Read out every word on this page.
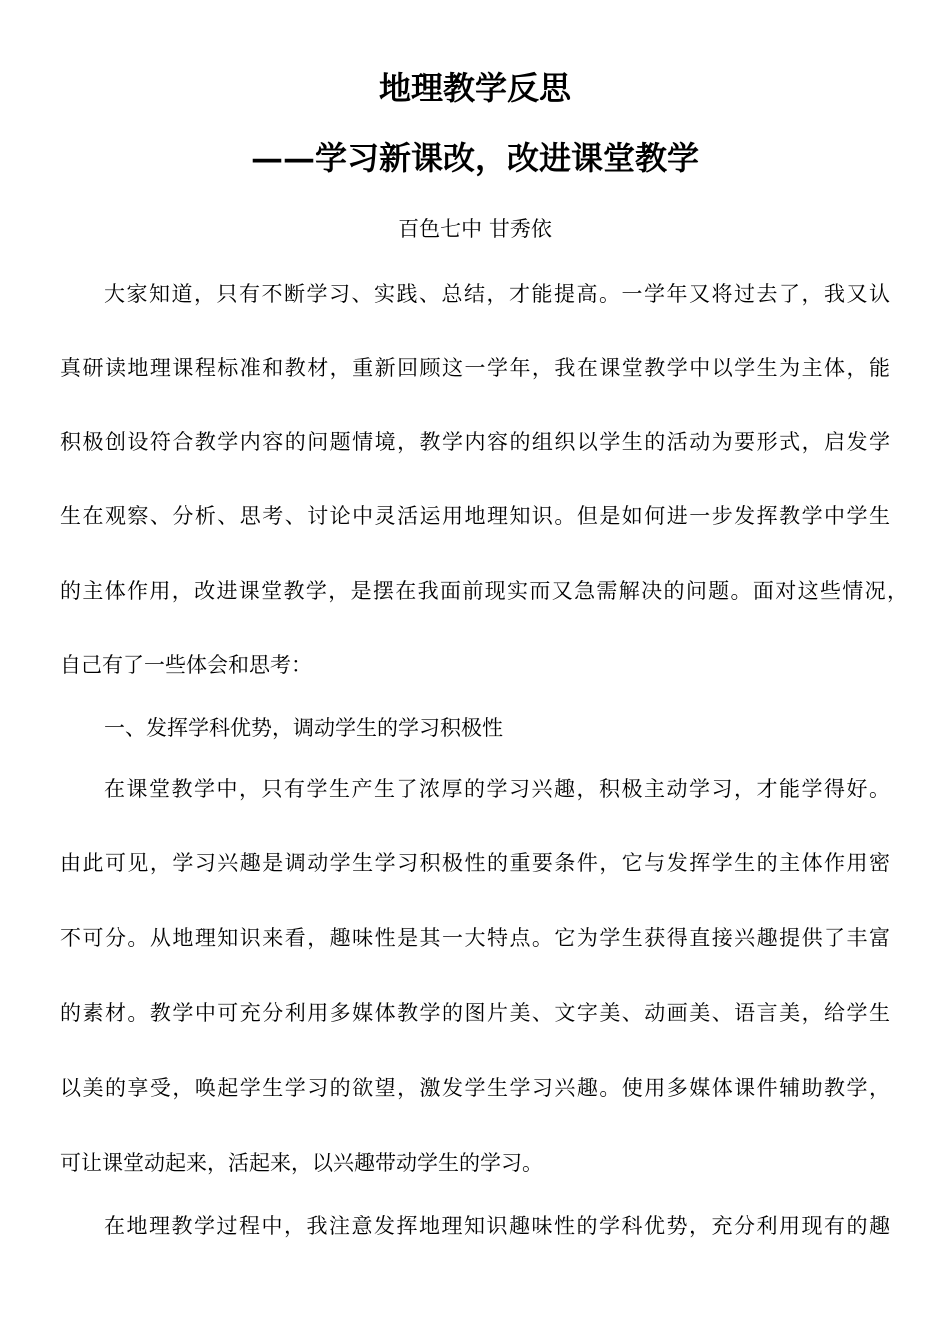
地理教学反思
——学习新课改，改进课堂教学
百色七中 甘秀依
大家知道，只有不断学习、实践、总结，才能提高。一学年又将过去了，我又认
真研读地理课程标准和教材，重新回顾这一学年，我在课堂教学中以学生为主体，能
积极创设符合教学内容的问题情境，教学内容的组织以学生的活动为要形式，启发学
生在观察、分析、思考、讨论中灵活运用地理知识。但是如何进一步发挥教学中学生
的主体作用，改进课堂教学，是摆在我面前现实而又急需解决的问题。面对这些情况，
自己有了一些体会和思考：
一、发挥学科优势，调动学生的学习积极性
在课堂教学中，只有学生产生了浓厚的学习兴趣，积极主动学习，才能学得好。
由此可见，学习兴趣是调动学生学习积极性的重要条件，它与发挥学生的主体作用密
不可分。从地理知识来看，趣味性是其一大特点。它为学生获得直接兴趣提供了丰富
的素材。教学中可充分利用多媒体教学的图片美、文字美、动画美、语言美，给学生
以美的享受，唤起学生学习的欲望，激发学生学习兴趣。使用多媒体课件辅助教学，
可让课堂动起来，活起来，以兴趣带动学生的学习。
在地理教学过程中，我注意发挥地理知识趣味性的学科优势，充分利用现有的趣
